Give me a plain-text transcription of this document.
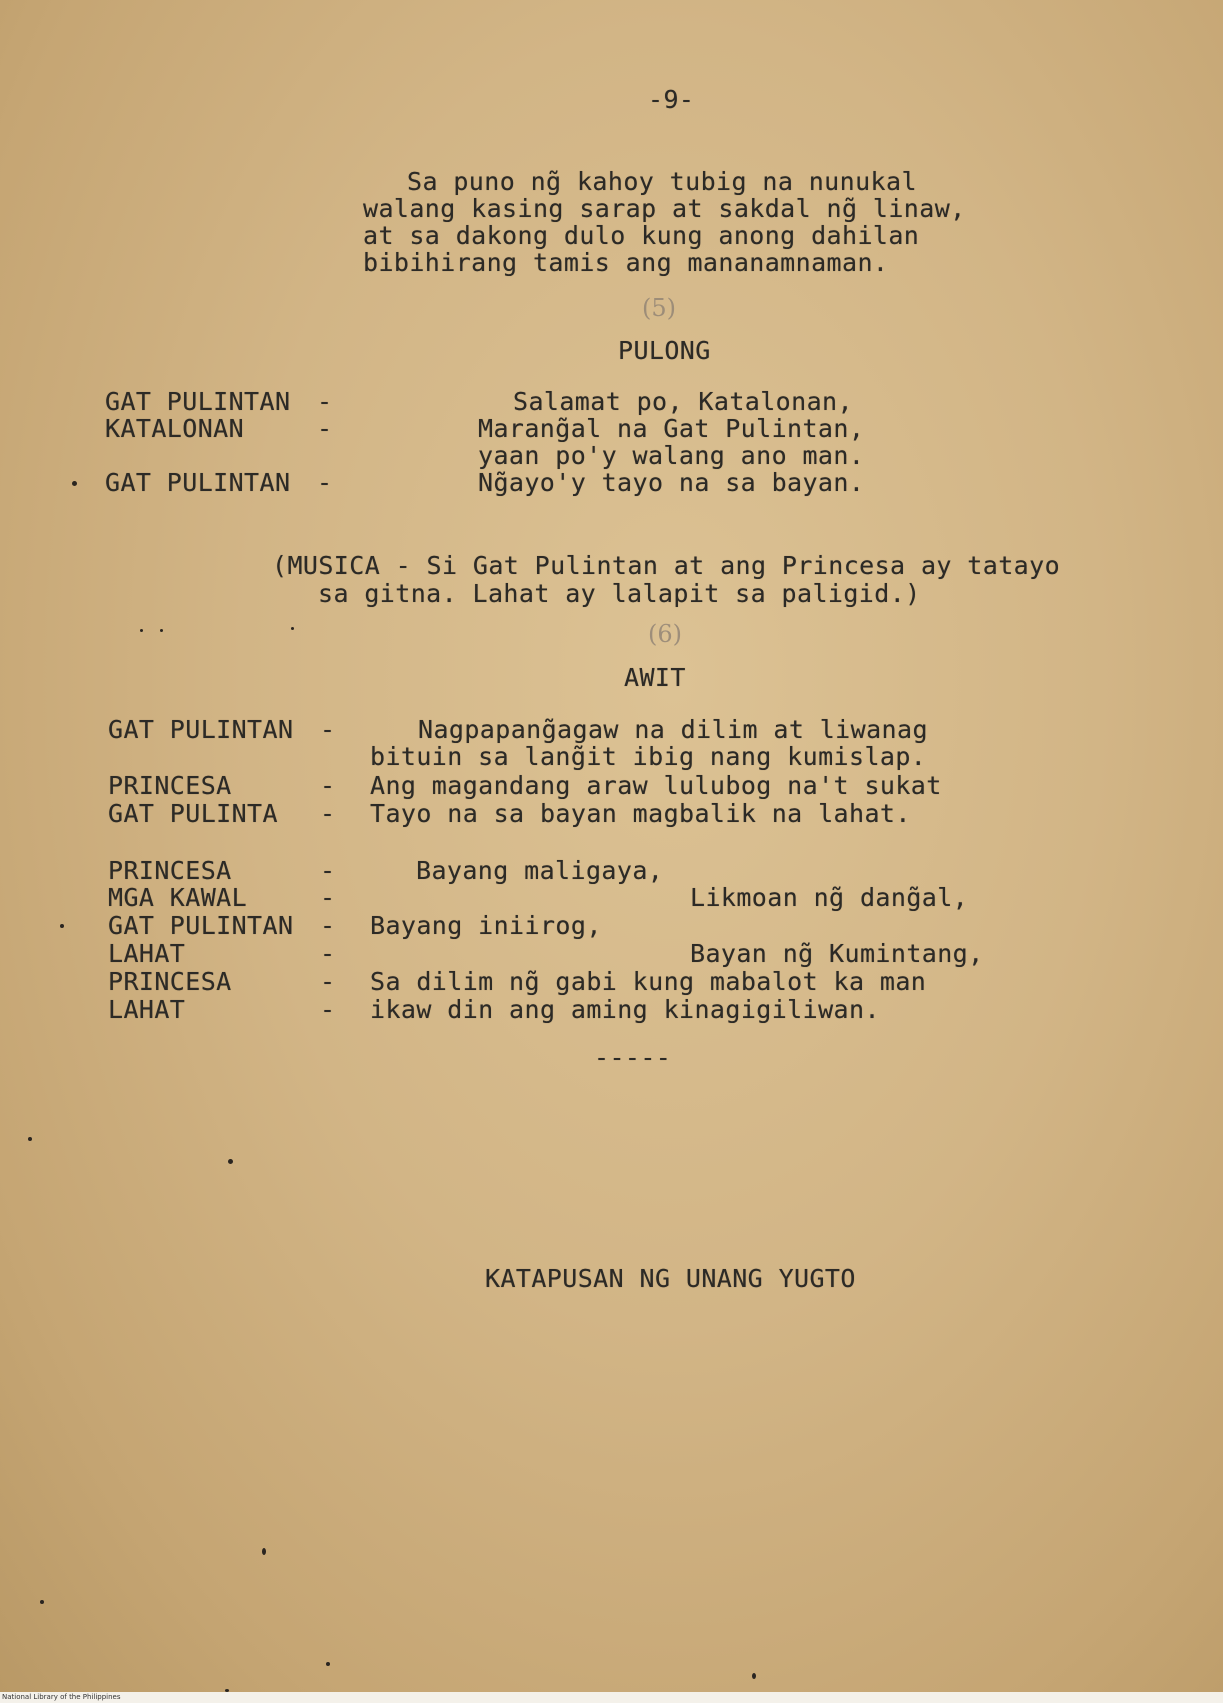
-9-
Sa puno ng̃ kahoy tubig na nunukal
walang kasing sarap at sakdal ng̃ linaw,
at sa dakong dulo kung anong dahilan
bibihirang tamis ang mananamnaman.
(5)
PULONG
GAT PULINTAN -	Salamat po, Katalonan,
KATALONAN	-	Marang̃al na Gat Pulintan,
yaan po'y walang ano man.
GAT PULINTAN -	Ng̃ayo'y tayo na sa bayan.
(MUSICA - Si Gat Pulintan at ang Princesa ay tatayo
sa gitna. Lahat ay lalapit sa paligid.)
(6)
AWIT
GAT PULINTAN -	Nagpapang̃agaw na dilim at liwanag
bituin sa lang̃it ibig nang kumislap.
PRINCESA	- Ang magandang araw lulubog na't sukat
GAT PULINTA - Tayo na sa bayan magbalik na lahat.
PRINCESA	-	Bayang maligaya,
MGA KAWAL	-	Likmoan ng̃ dang̃al,
GAT PULINTAN - Bayang iniirog,
LAHAT	-	Bayan ng̃ Kumintang,
PRINCESA	- Sa dilim ng̃ gabi kung mabalot ka man
LAHAT	- ikaw din ang aming kinagigiliwan.
-----
KATAPUSAN NG UNANG YUGTO
National Library of the Philippines
